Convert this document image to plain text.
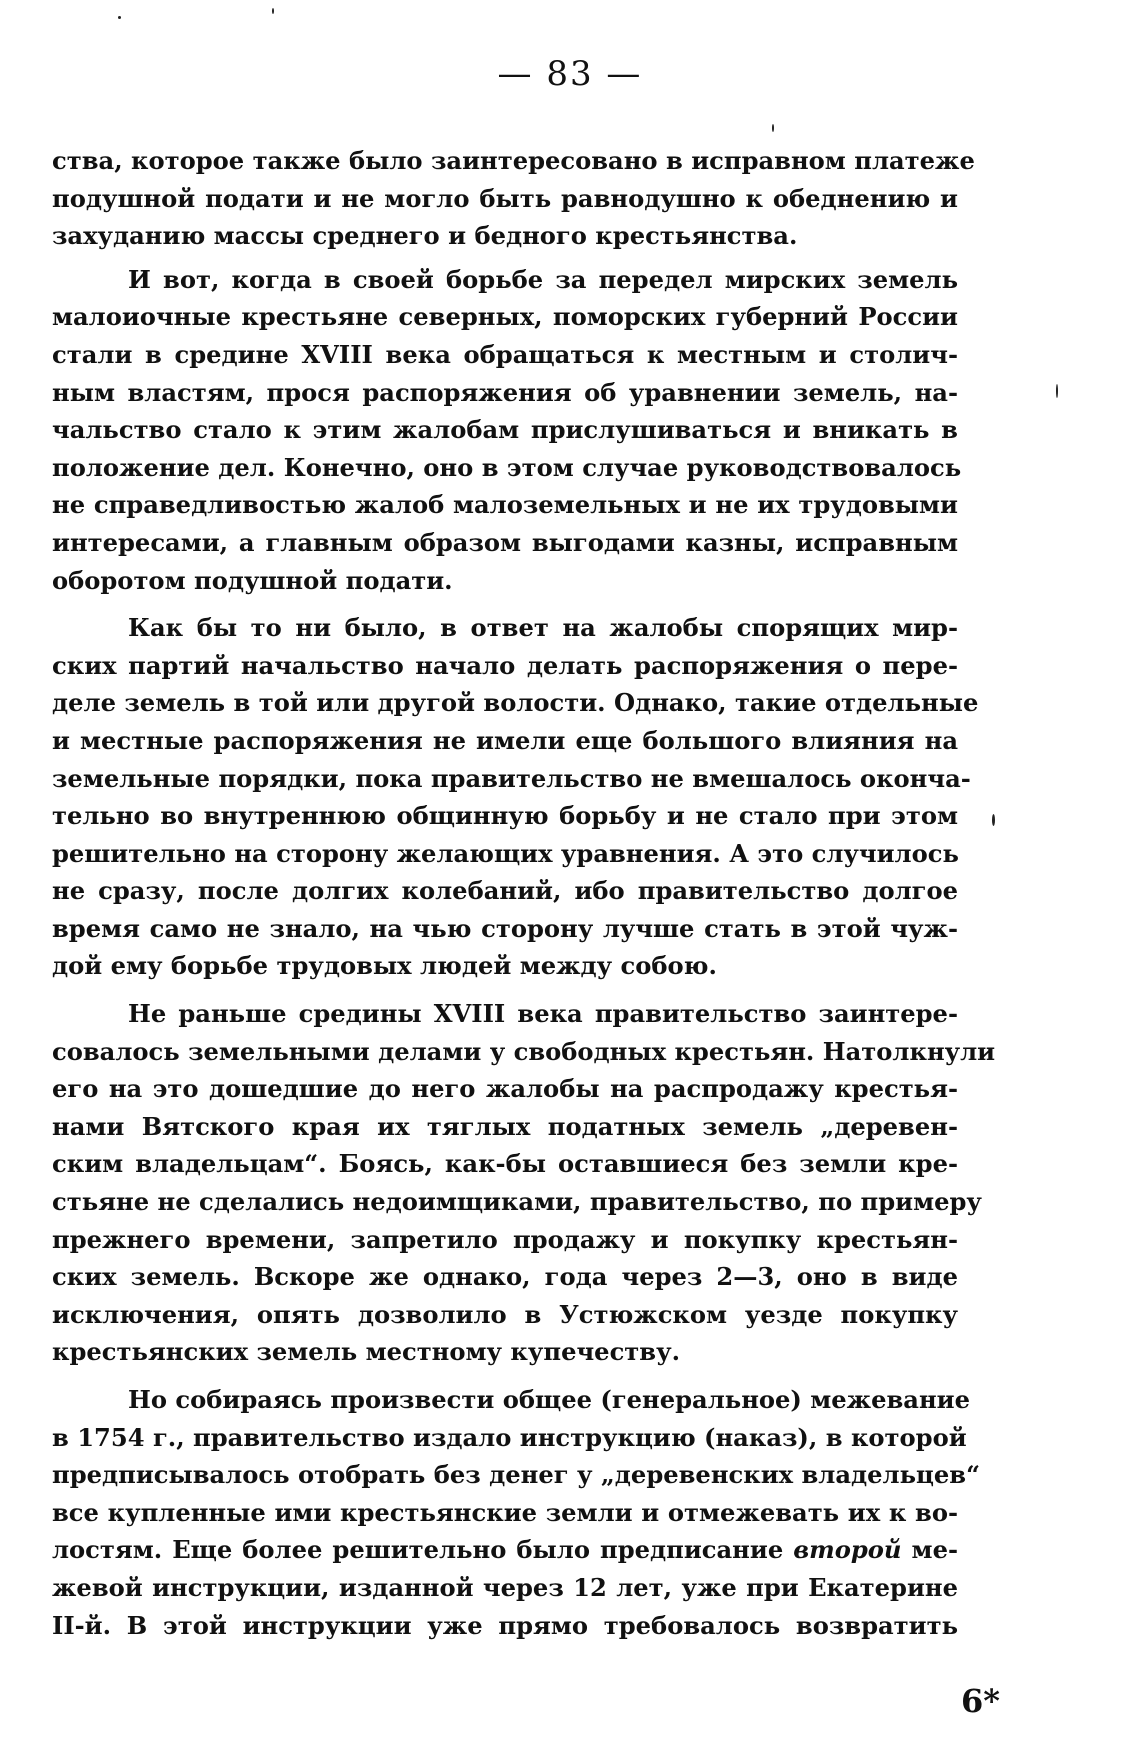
— 83 —

ства, которое также было заинтересовано в исправном платеже
подушной подати и не могло быть равнодушно к обеднению и
захуданию массы среднего и бедного крестьянства.

И вот, когда в своей борьбе за передел мирских земель
малоиочные крестьяне северных, поморских губерний России
стали в средине XVIII века обращаться к местным и столич-
ным властям, прося распоряжения об уравнении земель, на-
чальство стало к этим жалобам прислушиваться и вникать в
положение дел. Конечно, оно в этом случае руководствовалось
не справедливостью жалоб малоземельных и не их трудовыми
интересами, а главным образом выгодами казны, исправным
оборотом подушной подати.

Как бы то ни было, в ответ на жалобы спорящих мир-
ских партий начальство начало делать распоряжения о пере-
деле земель в той или другой волости. Однако, такие отдельные
и местные распоряжения не имели еще большого влияния на
земельные порядки, пока правительство не вмешалось оконча-
тельно во внутреннюю общинную борьбу и не стало при этом
решительно на сторону желающих уравнения. А это случилось
не сразу, после долгих колебаний, ибо правительство долгое
время само не знало, на чью сторону лучше стать в этой чуж-
дой ему борьбе трудовых людей между собою.

Не раньше средины XVIII века правительство заинтере-
совалось земельными делами у свободных крестьян. Натолкнули
его на это дошедшие до него жалобы на распродажу крестья-
нами Вятского края их тяглых податных земель „деревен-
ским владельцам“. Боясь, как-бы оставшиеся без земли кре-
стьяне не сделались недоимщиками, правительство, по примеру
прежнего времени, запретило продажу и покупку крестьян-
ских земель. Вскоре же однако, года через 2—3, оно в виде
исключения, опять дозволило в Устюжском уезде покупку
крестьянских земель местному купечеству.

Но собираясь произвести общее (генеральное) межевание
в 1754 г., правительство издало инструкцию (наказ), в которой
предписывалось отобрать без денег у „деревенских владельцев“
все купленные ими крестьянские земли и отмежевать их к во-
лостям. Еще более решительно было предписание второй ме-
жевой инструкции, изданной через 12 лет, уже при Екатерине
II-й. В этой инструкции уже прямо требовалось возвратить

6*
